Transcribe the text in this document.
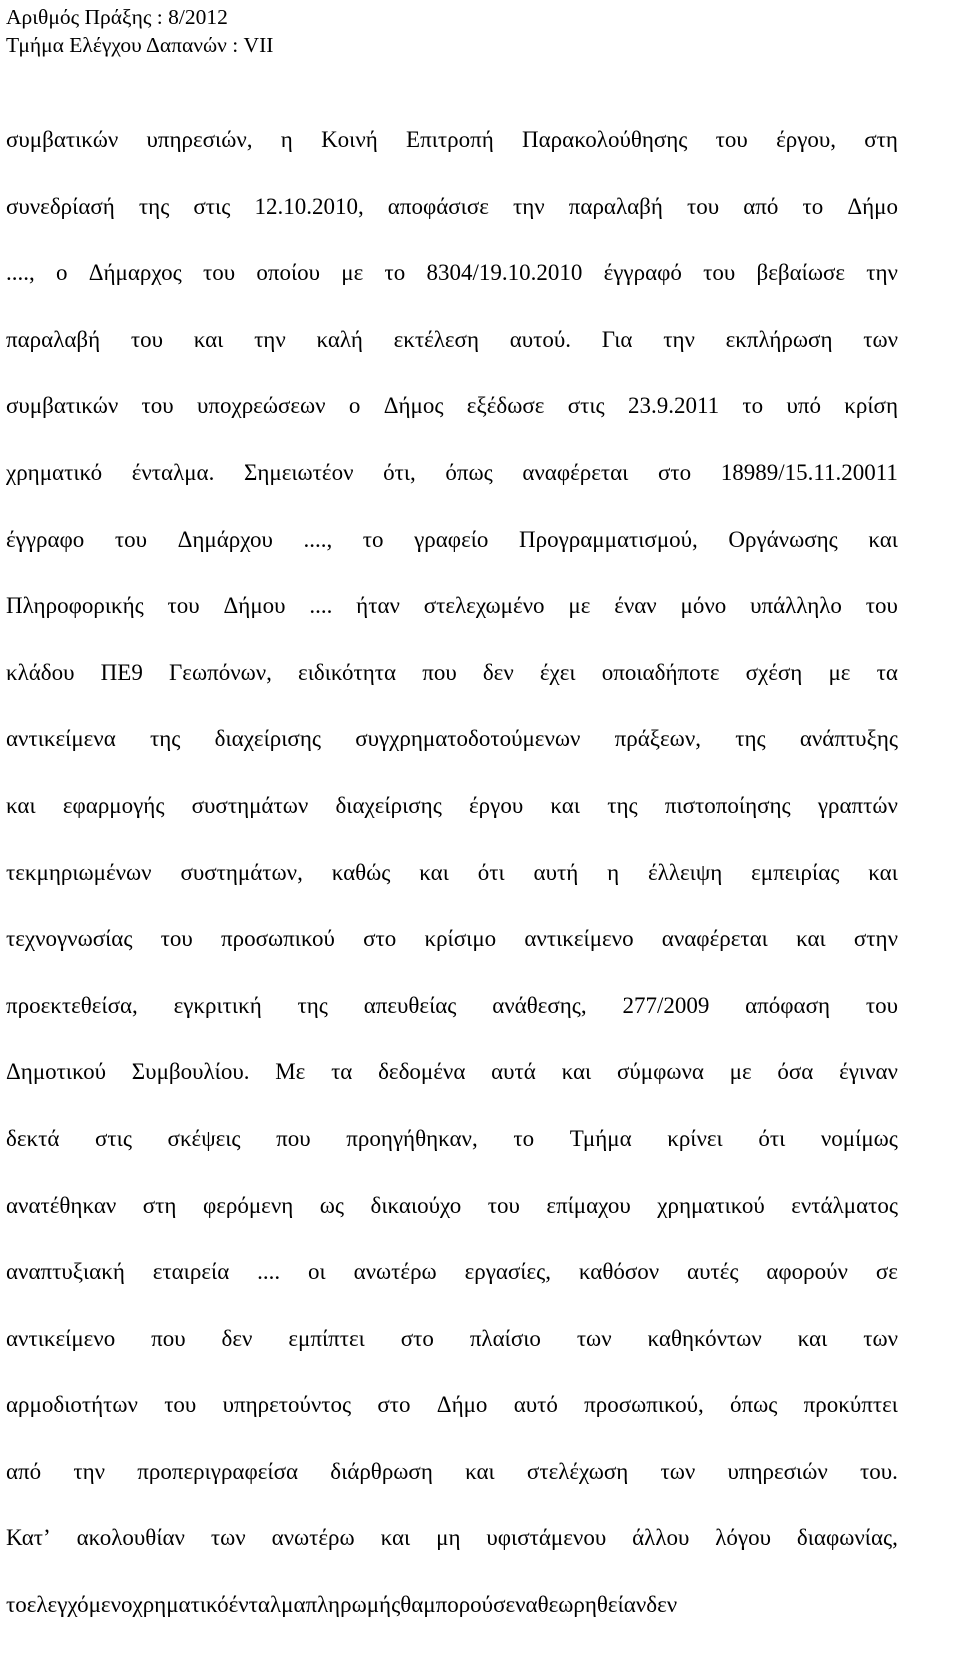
Αριθμός Πράξης : 8/2012
Τμήμα Ελέγχου Δαπανών : VII
συμβατικών υπηρεσιών, η Κοινή Επιτροπή Παρακολούθησης του έργου, στη
συνεδρίασή της στις 12.10.2010, αποφάσισε την παραλαβή του από το Δήμο
...., ο Δήμαρχος του οποίου με το 8304/19.10.2010 έγγραφό του βεβαίωσε την
παραλαβή του και την καλή εκτέλεση αυτού. Για την εκπλήρωση των
συμβατικών του υποχρεώσεων ο Δήμος εξέδωσε στις 23.9.2011 το υπό κρίση
χρηματικό ένταλμα. Σημειωτέον ότι, όπως αναφέρεται στο 18989/15.11.20011
έγγραφο του Δημάρχου ...., το γραφείο Προγραμματισμού, Οργάνωσης και
Πληροφορικής του Δήμου .... ήταν στελεχωμένο με έναν μόνο υπάλληλο του
κλάδου ΠΕ9 Γεωπόνων, ειδικότητα που δεν έχει οποιαδήποτε σχέση με τα
αντικείμενα της διαχείρισης συγχρηματοδοτούμενων πράξεων, της ανάπτυξης
και εφαρμογής συστημάτων διαχείρισης έργου και της πιστοποίησης γραπτών
τεκμηριωμένων συστημάτων, καθώς και ότι αυτή η έλλειψη εμπειρίας και
τεχνογνωσίας του προσωπικού στο κρίσιμο αντικείμενο αναφέρεται και στην
προεκτεθείσα, εγκριτική της απευθείας ανάθεσης, 277/2009 απόφαση του
Δημοτικού Συμβουλίου. Με τα δεδομένα αυτά και σύμφωνα με όσα έγιναν
δεκτά στις σκέψεις που προηγήθηκαν, το Τμήμα κρίνει ότι νομίμως
ανατέθηκαν στη φερόμενη ως δικαιούχο του επίμαχου χρηματικού εντάλματος
αναπτυξιακή εταιρεία .... οι ανωτέρω εργασίες, καθόσον αυτές αφορούν σε
αντικείμενο που δεν εμπίπτει στο πλαίσιο των καθηκόντων και των
αρμοδιοτήτων του υπηρετούντος στο Δήμο αυτό προσωπικού, όπως προκύπτει
από την προπεριγραφείσα διάρθρωση και στελέχωση των υπηρεσιών του.
Κατ’ ακολουθίαν των ανωτέρω και μη υφιστάμενου άλλου λόγου διαφωνίας,
το ελεγχόμενο χρηματικό ένταλμα πληρωμής θα μπορούσε να θεωρηθεί αν δεν
